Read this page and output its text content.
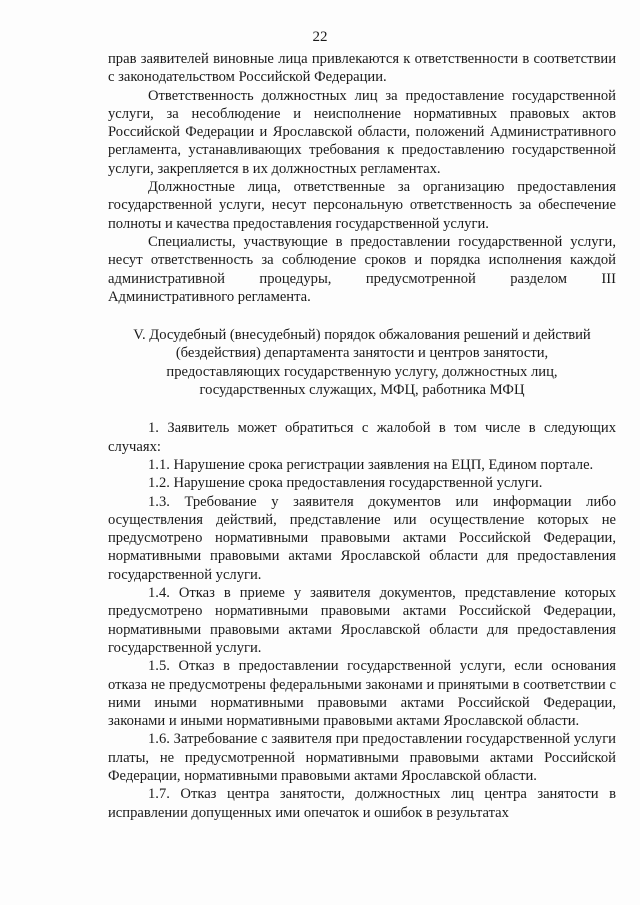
22

прав заявителей виновные лица привлекаются к ответственности в соответствии с законодательством Российской Федерации.

Ответственность должностных лиц за предоставление государственной услуги, за несоблюдение и неисполнение нормативных правовых актов Российской Федерации и Ярославской области, положений Административного регламента, устанавливающих требования к предоставлению государственной услуги, закрепляется в их должностных регламентах.

Должностные лица, ответственные за организацию предоставления государственной услуги, несут персональную ответственность за обеспечение полноты и качества предоставления государственной услуги.

Специалисты, участвующие в предоставлении государственной услуги, несут ответственность за соблюдение сроков и порядка исполнения каждой административной процедуры, предусмотренной разделом III Административного регламента.

V. Досудебный (внесудебный) порядок обжалования решений и действий
(бездействия) департамента занятости и центров занятости,
предоставляющих государственную услугу, должностных лиц,
государственных служащих, МФЦ, работника МФЦ

1. Заявитель может обратиться с жалобой в том числе в следующих случаях:

1.1. Нарушение срока регистрации заявления на ЕЦП, Едином портале.

1.2. Нарушение срока предоставления государственной услуги.

1.3. Требование у заявителя документов или информации либо осуществления действий, представление или осуществление которых не предусмотрено нормативными правовыми актами Российской Федерации, нормативными правовыми актами Ярославской области для предоставления государственной услуги.

1.4. Отказ в приеме у заявителя документов, представление которых предусмотрено нормативными правовыми актами Российской Федерации, нормативными правовыми актами Ярославской области для предоставления государственной услуги.

1.5. Отказ в предоставлении государственной услуги, если основания отказа не предусмотрены федеральными законами и принятыми в соответствии с ними иными нормативными правовыми актами Российской Федерации, законами и иными нормативными правовыми актами Ярославской области.

1.6. Затребование с заявителя при предоставлении государственной услуги платы, не предусмотренной нормативными правовыми актами Российской Федерации, нормативными правовыми актами Ярославской области.

1.7. Отказ центра занятости, должностных лиц центра занятости в исправлении допущенных ими опечаток и ошибок в результатах
